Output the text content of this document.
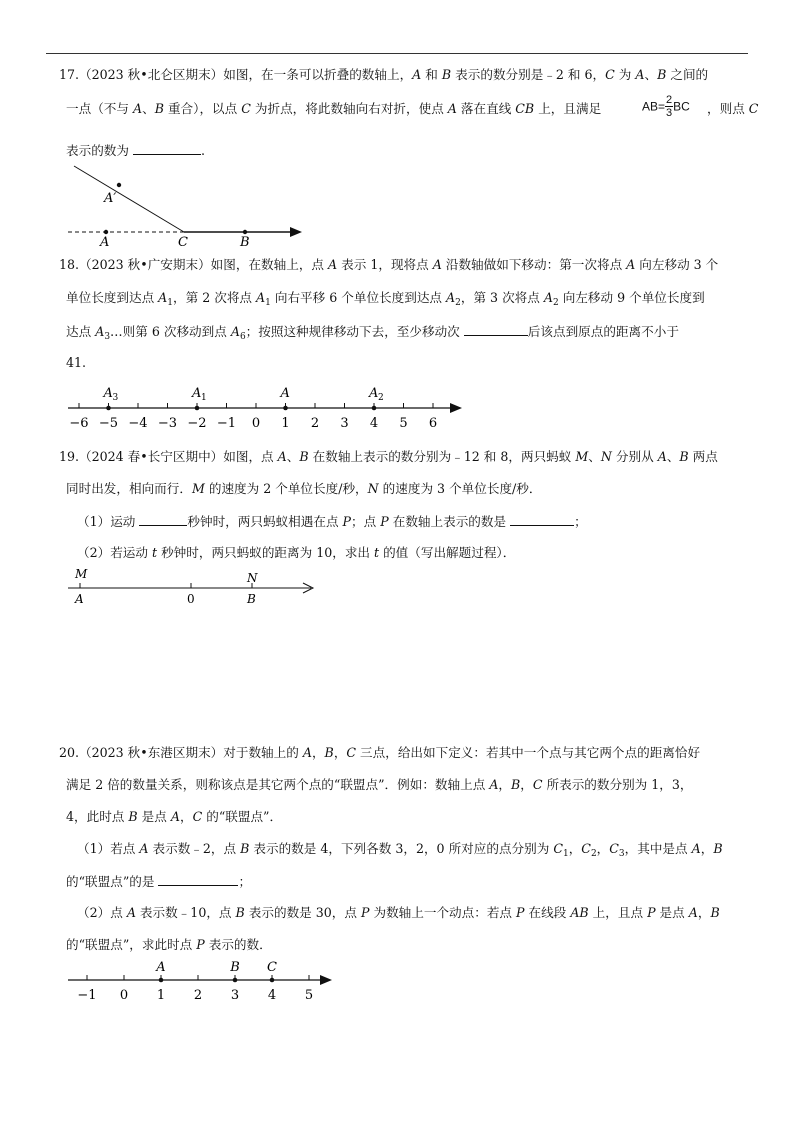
17.（2023 秋•北仑区期末）如图，在一条可以折叠的数轴上，A 和 B 表示的数分别是﹣2 和 6，C 为 A、B 之间的
一点（不与 A、B 重合），以点 C 为折点，将此数轴向右对折，使点 A 落在直线 CB 上，且满足	$AB= \frac{2}{3}$ BC ，则点 C
表示的数为	.
A′
A	C	B
18.（2023 秋•广安期末）如图，在数轴上，点 A 表示 1，现将点 A 沿数轴做如下移动：第一次将点 A 向左移动 3 个
单位长度到达点 $A_1$，第 2 次将点 $A_1$ 向右平移 6 个单位长度到达点 $A_2$，第 3 次将点 $A_2$ 向左移动 9 个单位长度到
达点 $A_3\dots$则第 6 次移动到点 $A_6$；按照这种规律移动下去，至少移动次	后该点到原点的距离不小于
41.
−6 −5 −4 −3 −2 −1 0 1 2 3 4 5 6
A 3	A 1	A	A 2
19.（2024 春•长宁区期中）如图，点 A、B 在数轴上表示的数分别为﹣12 和 8，两只蚂蚁 M、N 分别从 A、B 两点
同时出发，相向而行．M 的速度为 2 个单位长度/秒，N 的速度为 3 个单位长度/秒．
（1）运动	秒钟时，两只蚂蚁相遇在点 P；点 P 在数轴上表示的数是	；
（2）若运动 t 秒钟时，两只蚂蚁的距离为 10，求出 t 的值（写出解题过程）．
M	N
A	0	B
20.（2023 秋•东港区期末）对于数轴上的 A，B，C 三点，给出如下定义：若其中一个点与其它两个点的距离恰好
满足 2 倍的数量关系，则称该点是其它两个点的“联盟点”．例如：数轴上点 A，B，C 所表示的数分别为 1，3，
4，此时点 B 是点 A，C 的“联盟点”．
（1）若点 A 表示数﹣2，点 B 表示的数是 4，下列各数 3，2，0 所对应的点分别为 $C_1$，$C_2$，$C_3$，其中是点 A，B
的“联盟点”的是	；
（2）点 A 表示数﹣10，点 B 表示的数是 30，点 P 为数轴上一个动点：若点 P 在线段 AB 上，且点 P 是点 A，B
的“联盟点”，求此时点 P 表示的数．
−1 0 1 2 3 4 5
A	B C
